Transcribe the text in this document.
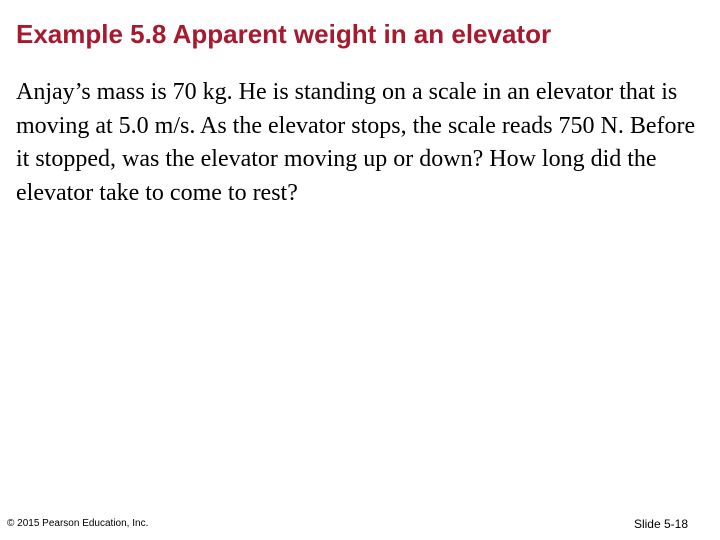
Example 5.8 Apparent weight in an elevator

Anjay’s mass is 70 kg. He is standing on a scale in an elevator that is moving at 5.0 m/s. As the elevator stops, the scale reads 750 N. Before it stopped, was the elevator moving up or down? How long did the elevator take to come to rest?

© 2015 Pearson Education, Inc.	Slide 5-18
